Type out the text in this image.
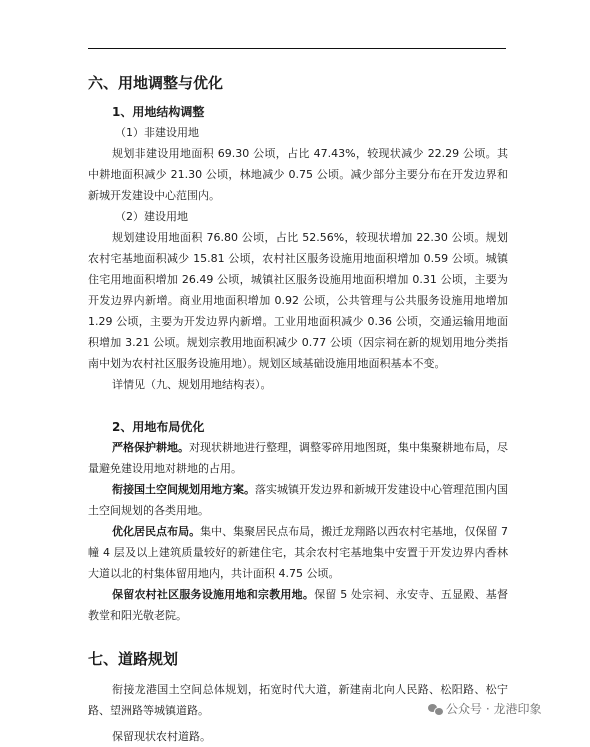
六、用地调整与优化
1、用地结构调整
（1）非建设用地

规划非建设用地面积 69.30 公顷，占比 47.43%，较现状减少 22.29 公顷。其中耕地面积减少 21.30 公顷，林地减少 0.75 公顷。减少部分主要分布在开发边界和新城开发建设中心范围内。

（2）建设用地

规划建设用地面积 76.80 公顷，占比 52.56%，较现状增加 22.30 公顷。规划农村宅基地面积减少 15.81 公顷，农村社区服务设施用地面积增加 0.59 公顷。城镇住宅用地面积增加 26.49 公顷，城镇社区服务设施用地面积增加 0.31 公顷，主要为开发边界内新增。商业用地面积增加 0.92 公顷，公共管理与公共服务设施用地增加 1.29 公顷，主要为开发边界内新增。工业用地面积减少 0.36 公顷，交通运输用地面积增加 3.21 公顷。规划宗教用地面积减少 0.77 公顷（因宗祠在新的规划用地分类指南中划为农村社区服务设施用地）。规划区域基础设施用地面积基本不变。

详情见（九、规划用地结构表）。

2、用地布局优化

严格保护耕地。对现状耕地进行整理，调整零碎用地图斑，集中集聚耕地布局，尽量避免建设用地对耕地的占用。

衔接国土空间规划用地方案。落实城镇开发边界和新城开发建设中心管理范围内国土空间规划的各类用地。

优化居民点布局。集中、集聚居民点布局，搬迁龙翔路以西农村宅基地，仅保留 7 幢 4 层及以上建筑质量较好的新建住宅，其余农村宅基地集中安置于开发边界内香林大道以北的村集体留用地内，共计面积 4.75 公顷。

保留农村社区服务设施用地和宗教用地。保留 5 处宗祠、永安寺、五显殿、基督教堂和阳光敬老院。

七、道路规划

衔接龙港国土空间总体规划，拓宽时代大道，新建南北向人民路、松阳路、松宁路、望洲路等城镇道路。

保留现状农村道路。

公众号 · 龙港印象
